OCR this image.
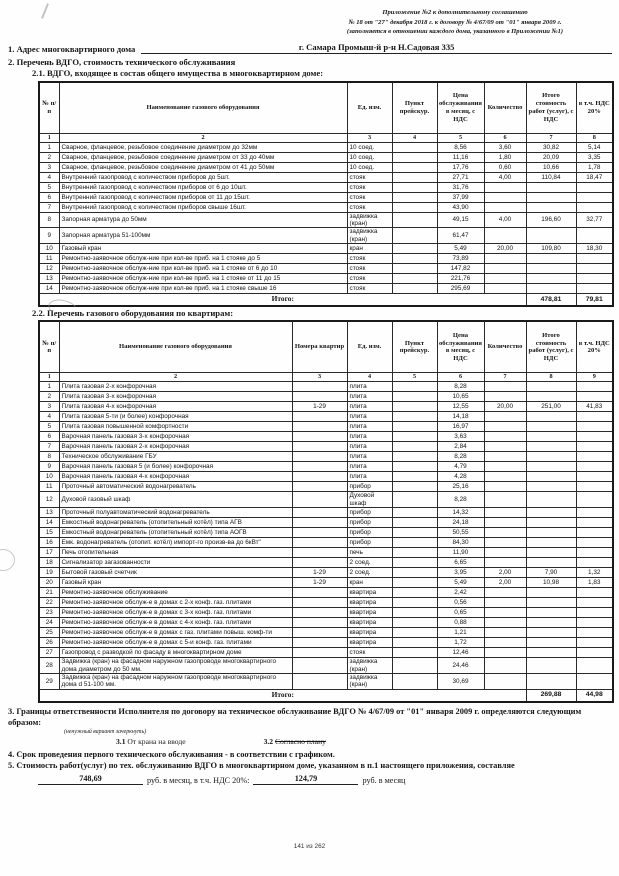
Приложение №2 к дополнительному соглашению
№ 18 от "27" декабря 2018 г. к договору № 4/67/09 от "01" января 2009 г.
(заполняется в отношении каждого дома, указанного в Приложении №1)
1. Адрес многоквартирного дома	г. Самара Промыш-й р-н Н.Садовая 335
2. Перечень ВДГО, стоимость технического обслуживания
2.1. ВДГО, входящее в состав общего имущества в многоквартирном доме:
№ п/п	Наименование газового оборудования	Ед. изм.	Пункт прейскур.	Цена обслуживания в месяц, с НДС	Количество	Итого стоимость работ (услуг), с НДС	в т.ч. НДС 20%
1	2	3	4	5	6	7	8
1	Сварное, фланцевое, резьбовое соединение диаметром до 32мм	10 соед.		8,56	3,60	30,82	5,14
2	Сварное, фланцевое, резьбовое соединение диаметром от 33 до 40мм	10 соед.		11,16	1,80	20,09	3,35
3	Сварное, фланцевое, резьбовое соединение диаметром от 41 до 50мм	10 соед.		17,76	0,60	10,66	1,78
4	Внутренний газопровод с количеством приборов до 5шт.	стояк		27,71	4,00	110,84	18,47
5	Внутренний газопровод с количеством приборов от 6 до 10шт.	стояк		31,76			
6	Внутренний газопровод с количеством приборов от 11 до 15шт.	стояк		37,99			
7	Внутренний газопровод с количеством приборов свыше 16шт.	стояк		43,90			
8	Запорная арматура до 50мм	задвижка (кран)		49,15	4,00	196,60	32,77
9	Запорная арматура 51-100мм	задвижка (кран)		61,47			
10	Газовый кран	кран		5,49	20,00	109,80	18,30
11	Ремонтно-заявочное обслуж-ние при кол-ве приб. на 1 стояке до 5	стояк		73,89			
12	Ремонтно-заявочное обслуж-ние при кол-ве приб. на 1 стояке от 6 до 10	стояк		147,82			
13	Ремонтно-заявочное обслуж-ние при кол-ве приб. на 1 стояке от 11 до 15	стояк		221,76			
14	Ремонтно-заявочное обслуж-ние при кол-ве приб. на 1 стояке свыше 16	стояк		295,69			
Итого:						478,81	79,81
2.2. Перечень газового оборудования по квартирам:
№ п/п	Наименование газового оборудования	Номера квартир	Ед. изм.	Пункт прейскур.	Цена обслуживания в месяц, с НДС	Количество	Итого стоимость работ (услуг), с НДС	в т.ч. НДС 20%
1	2	3	4	5	6	7	8	9
1	Плита газовая 2-х конфорочная		плита		8,28			
2	Плита газовая 3-х конфорочная		плита		10,65			
3	Плита газовая 4-х конфорочная	1-29	плита		12,55	20,00	251,00	41,83
4	Плита газовая 5-ти (и более) конфорочная		плита		14,18			
5	Плита газовая повышенной комфортности		плита		16,97			
6	Варочная панель газовая 3-х конфорочная		плита		3,63			
7	Варочная панель газовая 2-х конфорочная		плита		2,84			
8	Техническое обслуживание ГБУ		плита		8,28			
9	Варочная панель газовая 5 (и более) конфорочная		плита		4,79			
10	Варочная панель газовая 4-х конфорочная		плита		4,28			
11	Проточный автоматический водонагреватель		прибор		25,16			
12	Духовой газовый шкаф		Духовой шкаф		8,28			
13	Проточный полуавтоматический водонагреватель		прибор		14,32			
14	Емкостный водонагреватель (отопительный котёл) типа АГВ		прибор		24,18			
15	Емкостный водонагреватель (отопительный котёл) типа АОГВ		прибор		50,55			
16	Емк. водонагреватель (отопит. котёл) импорт-го произв-ва до 6кВт"		прибор		84,30			
17	Печь отопительная		печь		11,90			
18	Сигнализатор загазованности		2 соед.		6,65			
19	Бытовой газовый счетчик	1-29	2 соед.		3,95	2,00	7,90	1,32
20	Газовый кран	1-29	кран		5,49	2,00	10,98	1,83
21	Ремонтно-заявочное обслуживание		квартира		2,42			
22	Ремонтно-заявочное обслуж-е в домах с 2-х конф. газ. плитами		квартира		0,56			
23	Ремонтно-заявочное обслуж-е в домах с 3-х конф. газ. плитами		квартира		0,65			
24	Ремонтно-заявочное обслуж-е в домах с 4-х конф. газ. плитами		квартира		0,88			
25	Ремонтно-заявочное обслуж-е в домах с газ. плитами повыш. комф-ти		квартира		1,21			
26	Ремонтно-заявочное обслуж-е в домах с 5-и конф. газ. плитами		квартира		1,72			
27	Газопровод с разводкой по фасаду в многоквартирном доме		стояк		12,46			
28	Задвижка (кран) на фасадном наружном газопроводе многоквартирного дома диаметром до 50 мм.		задвижка (кран)		24,46			
29	Задвижка (кран) на фасадном наружном газопроводе многоквартирного дома d 51-100 мм.		задвижка (кран)		30,69			
Итого:							269,88	44,98
3. Границы ответственности Исполнителя по договору на техническое обслуживание ВДГО № 4/67/09 от "01" января 2009 г. определяются следующим образом:
(ненужный вариант зачеркнуть)
3.1 От крана на вводе	3.2 Согласно плану
4. Срок проведения первого технического обслуживания - в соответствии с графиком.
5. Стоимость работ(услуг) по тех. обслуживанию ВДГО в многоквартирном доме, указанном в п.1 настоящего приложения, составляе
748,69	руб. в месяц, в т.ч. НДС 20%:	124,79	руб. в месяц
141 из 262
